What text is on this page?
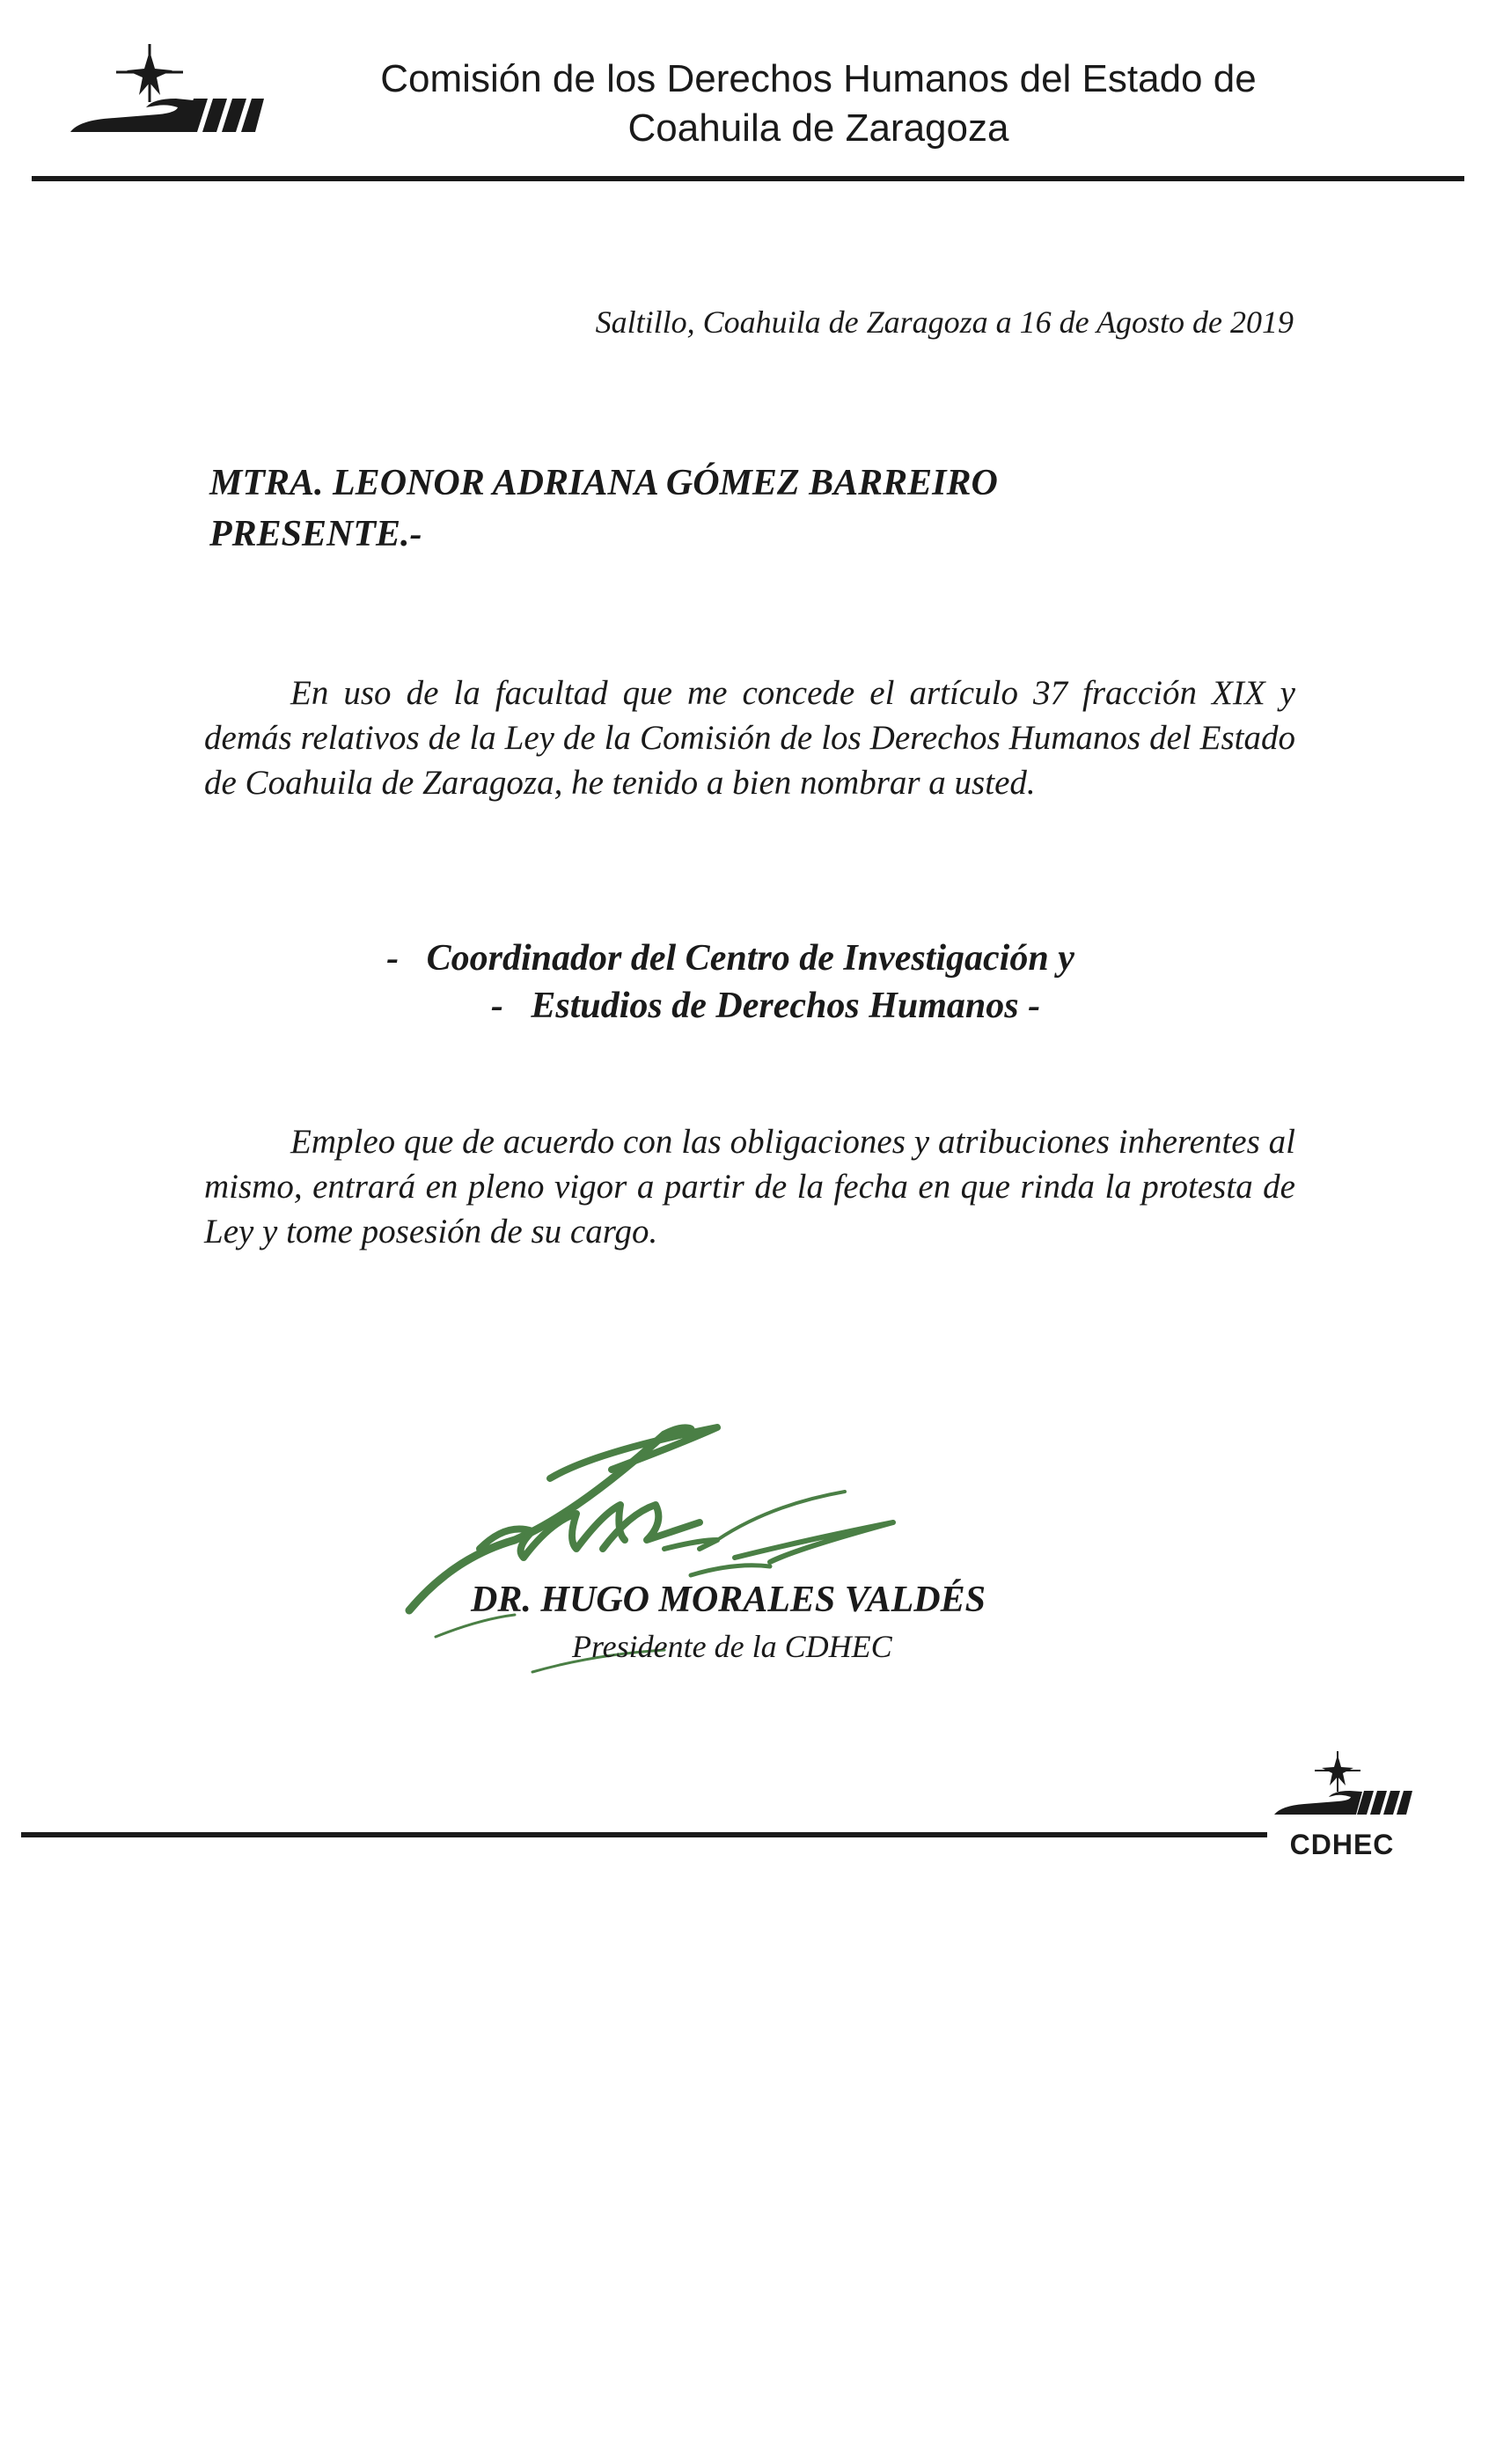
Comisión de los Derechos Humanos del Estado de
Coahuila de Zaragoza
Saltillo, Coahuila de Zaragoza a 16 de Agosto de 2019
MTRA. LEONOR ADRIANA GÓMEZ BARREIRO
PRESENTE.-
En uso de la facultad que me concede el artículo 37 fracción XIX y demás relativos de la Ley de la Comisión de los Derechos Humanos del Estado de Coahuila de Zaragoza, he tenido a bien nombrar a usted.
-   Coordinador del Centro de Investigación y
-   Estudios de Derechos Humanos -
Empleo que de acuerdo con las obligaciones y atribuciones inherentes al mismo, entrará en pleno vigor a partir de la fecha en que rinda la protesta de Ley y tome posesión de su cargo.
DR. HUGO MORALES VALDÉS
Presidente de la CDHEC
CDHEC
